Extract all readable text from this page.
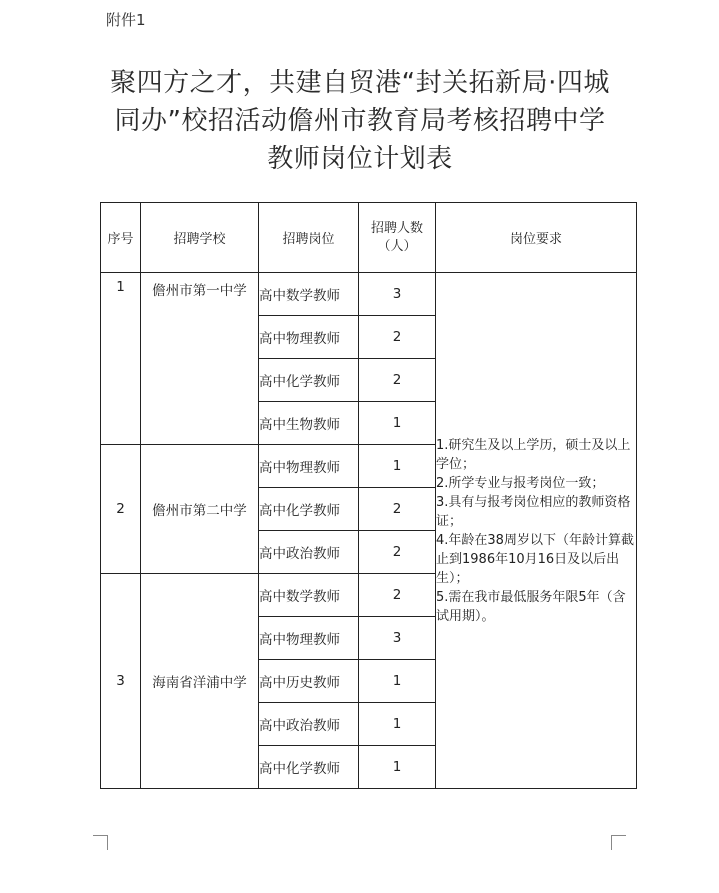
附件1
聚四方之才，共建自贸港“封关拓新局·四城
同办”校招活动儋州市教育局考核招聘中学
教师岗位计划表
序号	招聘学校	招聘岗位	招聘人数（人）	岗位要求
1	儋州市第一中学	高中数学教师	3	1.研究生及以上学历，硕士及以上学位；

2.所学专业与报考岗位一致；

3.具有与报考岗位相应的教师资格证；

4.年龄在38周岁以下（年龄计算截止到1986年10月16日及以后出生）；

5.需在我市最低服务年限5年（含试用期）。

		高中物理教师	2	
		高中化学教师	2	
		高中生物教师	1	
2	儋州市第二中学	高中物理教师	1	
		高中化学教师	2	
		高中政治教师	2	
3	海南省洋浦中学	高中数学教师	2	
		高中物理教师	3	
		高中历史教师	1	
		高中政治教师	1	
		高中化学教师	1	
